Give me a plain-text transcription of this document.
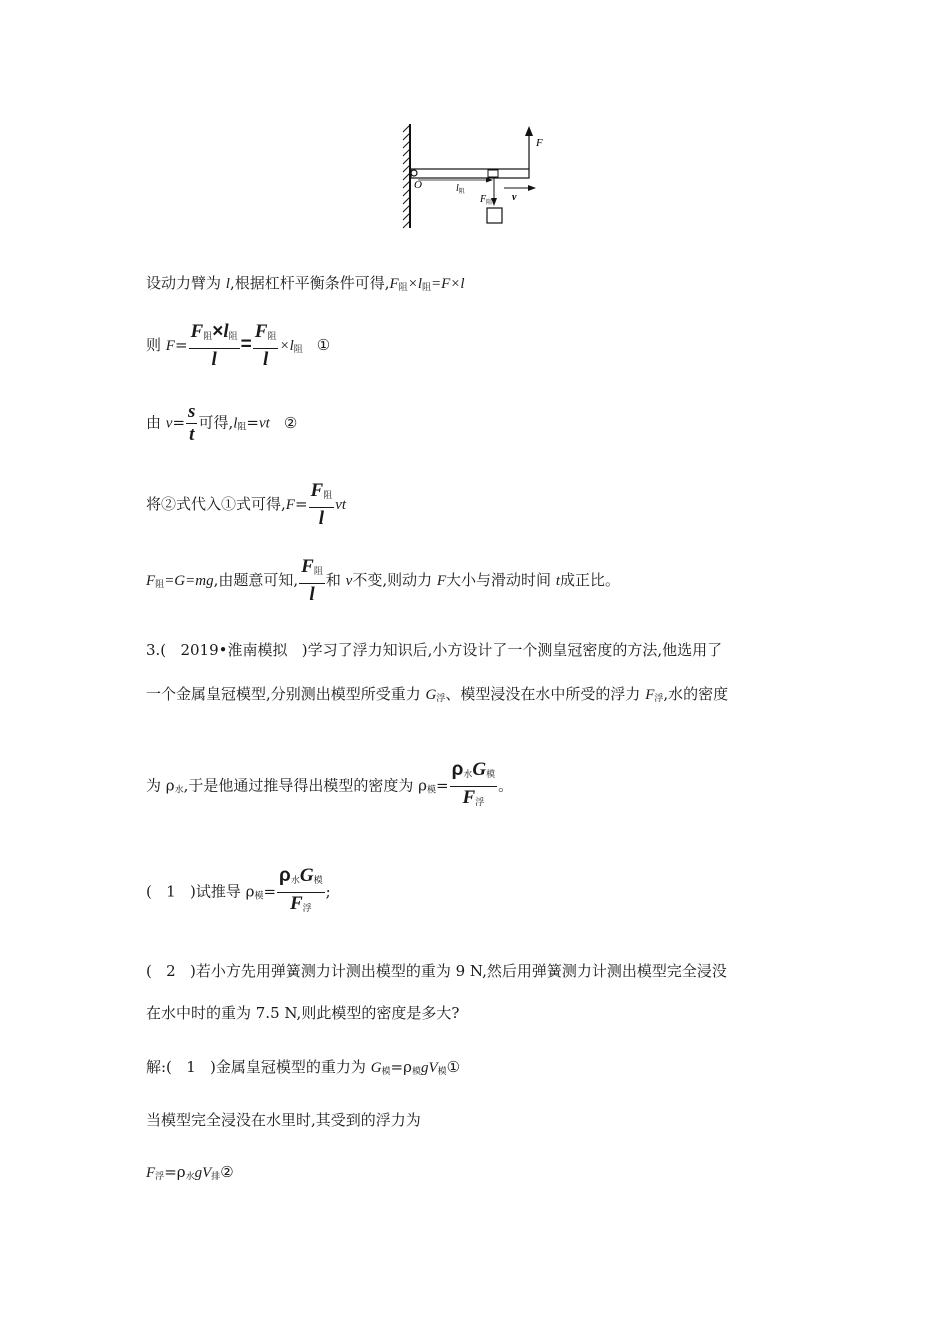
F
O	$l_阻$
$F_阻$ v
设动力臂为 l,根据杠杆平衡条件可得$,F_阻\times l_阻=F\times l$
则 $F= \frac{F_阻\times l_阻}{l} = \frac{F_阻}{l} \times l_阻$ ①
由 $v= \frac{s}{t}$ 可得$,l_阻=vt$ ②
将②式代入①式可得$,F= \frac{F_阻}{l}$ vt
$F_阻=G=mg$,由题意可知, $\frac{F_阻}{l}$ 和 v不变,则动力 F大小与滑动时间 t成正比。
3.(   2019•淮南模拟   )学习了浮力知识后,小方设计了一个测皇冠密度的方法,他选用了
一个金属皇冠模型,分别测出模型所受重力 $G_浮$、模型浸没在水中所受的浮力 $F_浮$,水的密度
为 $\rho_水$,于是他通过推导得出模型的密度为 $\rho_模= \frac{\rho_水G_模}{F_浮}$ 。
(   1   )试推导 $\rho_模= \frac{\rho_水G_模}{F_浮}$ ;
(   2   )若小方先用弹簧测力计测出模型的重为 9 N,然后用弹簧测力计测出模型完全浸没
在水中时的重为 7.5 N,则此模型的密度是多大?
解:(   1   )金属皇冠模型的重力为 $G_模=\rho_模gV_模①$
当模型完全浸没在水里时,其受到的浮力为
$F_浮=\rho_水gV_排②$
